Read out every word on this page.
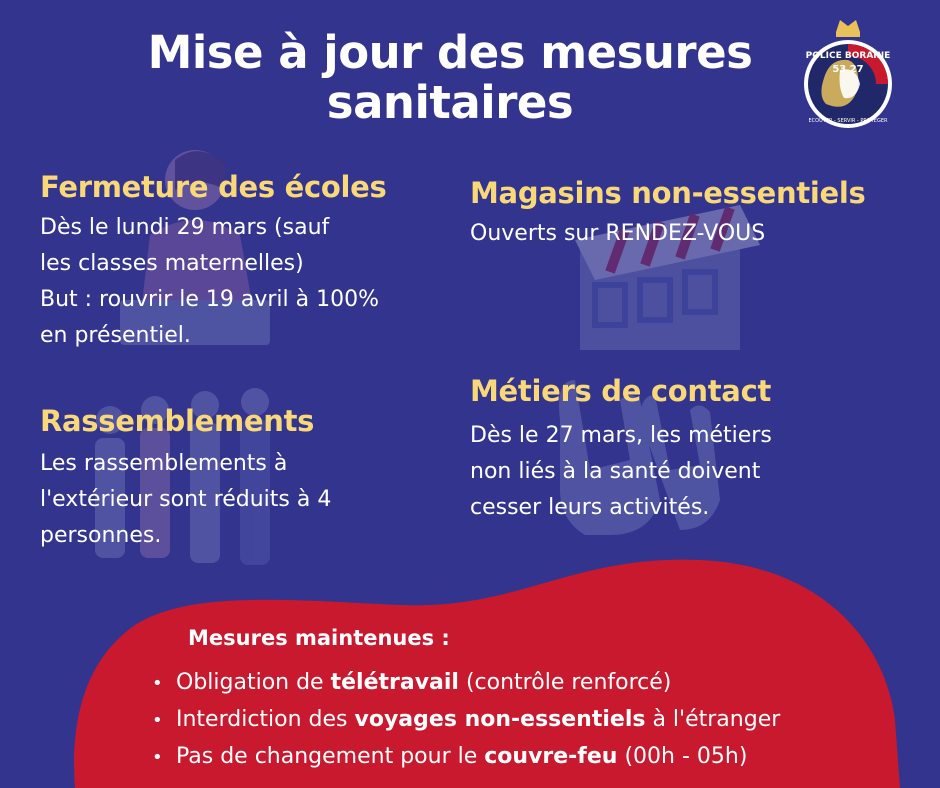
Mise à jour des mesures sanitaires
POLICE BORAINE
53 27
ECOUTER - SERVIR - PROTEGER
Fermeture des écoles
Dès le lundi 29 mars (sauf
les classes maternelles)
But : rouvrir le 19 avril à 100%
en présentiel.
Magasins non-essentiels
Ouverts sur RENDEZ-VOUS
Rassemblements
Les rassemblements à
l'extérieur sont réduits à 4
personnes.
Métiers de contact
Dès le 27 mars, les métiers
non liés à la santé doivent
cesser leurs activités.
Mesures maintenues :
• Obligation de télétravail (contrôle renforcé)
• Interdiction des voyages non-essentiels à l'étranger
• Pas de changement pour le couvre-feu (00h - 05h)
